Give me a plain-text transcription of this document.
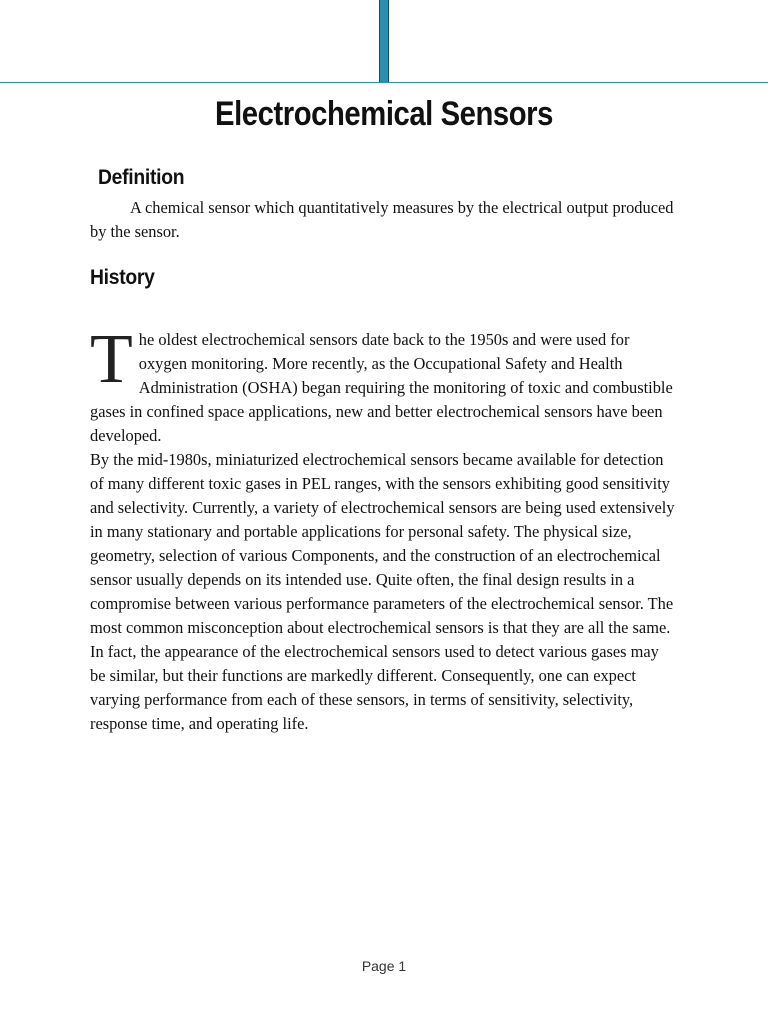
Electrochemical Sensors
Definition

A chemical sensor which quantitatively measures by the electrical output produced by the sensor.

History
T he oldest electrochemical sensors date back to the 1950s and were used for oxygen monitoring. More recently, as the Occupational Safety and Health Administration (OSHA) began requiring the monitoring of toxic and combustible gases in confined space applications, new and better electrochemical sensors have been developed.
By the mid-1980s, miniaturized electrochemical sensors became available for detection of many different toxic gases in PEL ranges, with the sensors exhibiting good sensitivity and selectivity. Currently, a variety of electrochemical sensors are being used extensively in many stationary and portable applications for personal safety. The physical size, geometry, selection of various Components, and the construction of an electrochemical sensor usually depends on its intended use. Quite often, the final design results in a compromise between various performance parameters of the electrochemical sensor. The most common misconception about electrochemical sensors is that they are all the same. In fact, the appearance of the electrochemical sensors used to detect various gases may be similar, but their functions are markedly different. Consequently, one can expect varying performance from each of these sensors, in terms of sensitivity, selectivity, response time, and operating life.
Page 1
